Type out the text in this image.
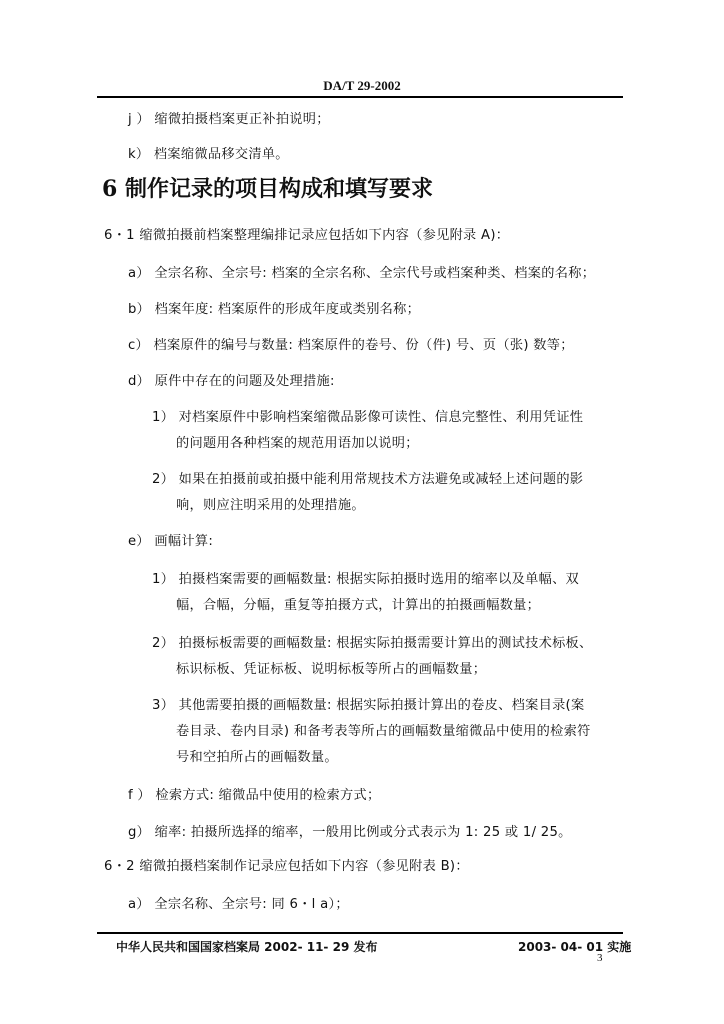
DA/T 29-2002
j ） 缩微拍摄档案更正补拍说明；
k） 档案缩微品移交清单。
6 制作记录的项目构成和填写要求
6・1 缩微拍摄前档案整理编排记录应包括如下内容（参见附录 A)：
a） 全宗名称、全宗号: 档案的全宗名称、全宗代号或档案种类、档案的名称；
b） 档案年度: 档案原件的形成年度或类别名称；
c） 档案原件的编号与数量: 档案原件的卷号、份（件) 号、页（张) 数等；
d） 原件中存在的问题及处理措施:
1） 对档案原件中影响档案缩微品影像可读性、信息完整性、利用凭证性
的问题用各种档案的规范用语加以说明；
2） 如果在拍摄前或拍摄中能利用常规技术方法避免或减轻上述问题的影
响，则应注明采用的处理措施。
e） 画幅计算:
1） 拍摄档案需要的画幅数量: 根据实际拍摄时选用的缩率以及单幅、双
幅，合幅，分幅，重复等拍摄方式，计算出的拍摄画幅数量；
2） 拍摄标板需要的画幅数量: 根据实际拍摄需要计算出的测试技术标板、
标识标板、凭证标板、说明标板等所占的画幅数量；
3） 其他需要拍摄的画幅数量: 根据实际拍摄计算出的卷皮、档案目录(案
卷目录、卷内目录) 和备考表等所占的画幅数量缩微品中使用的检索符
号和空拍所占的画幅数量。
f ） 检索方式: 缩微品中使用的检索方式；
g） 缩率: 拍摄所选择的缩率，一般用比例或分式表示为 1: 25 或 1/ 25。
6・2 缩微拍摄档案制作记录应包括如下内容（参见附表 B)：
a） 全宗名称、全宗号: 同 6・l a）；
中华人民共和国国家档案局 2002- 11- 29 发布	2003- 04- 01 实施
3
